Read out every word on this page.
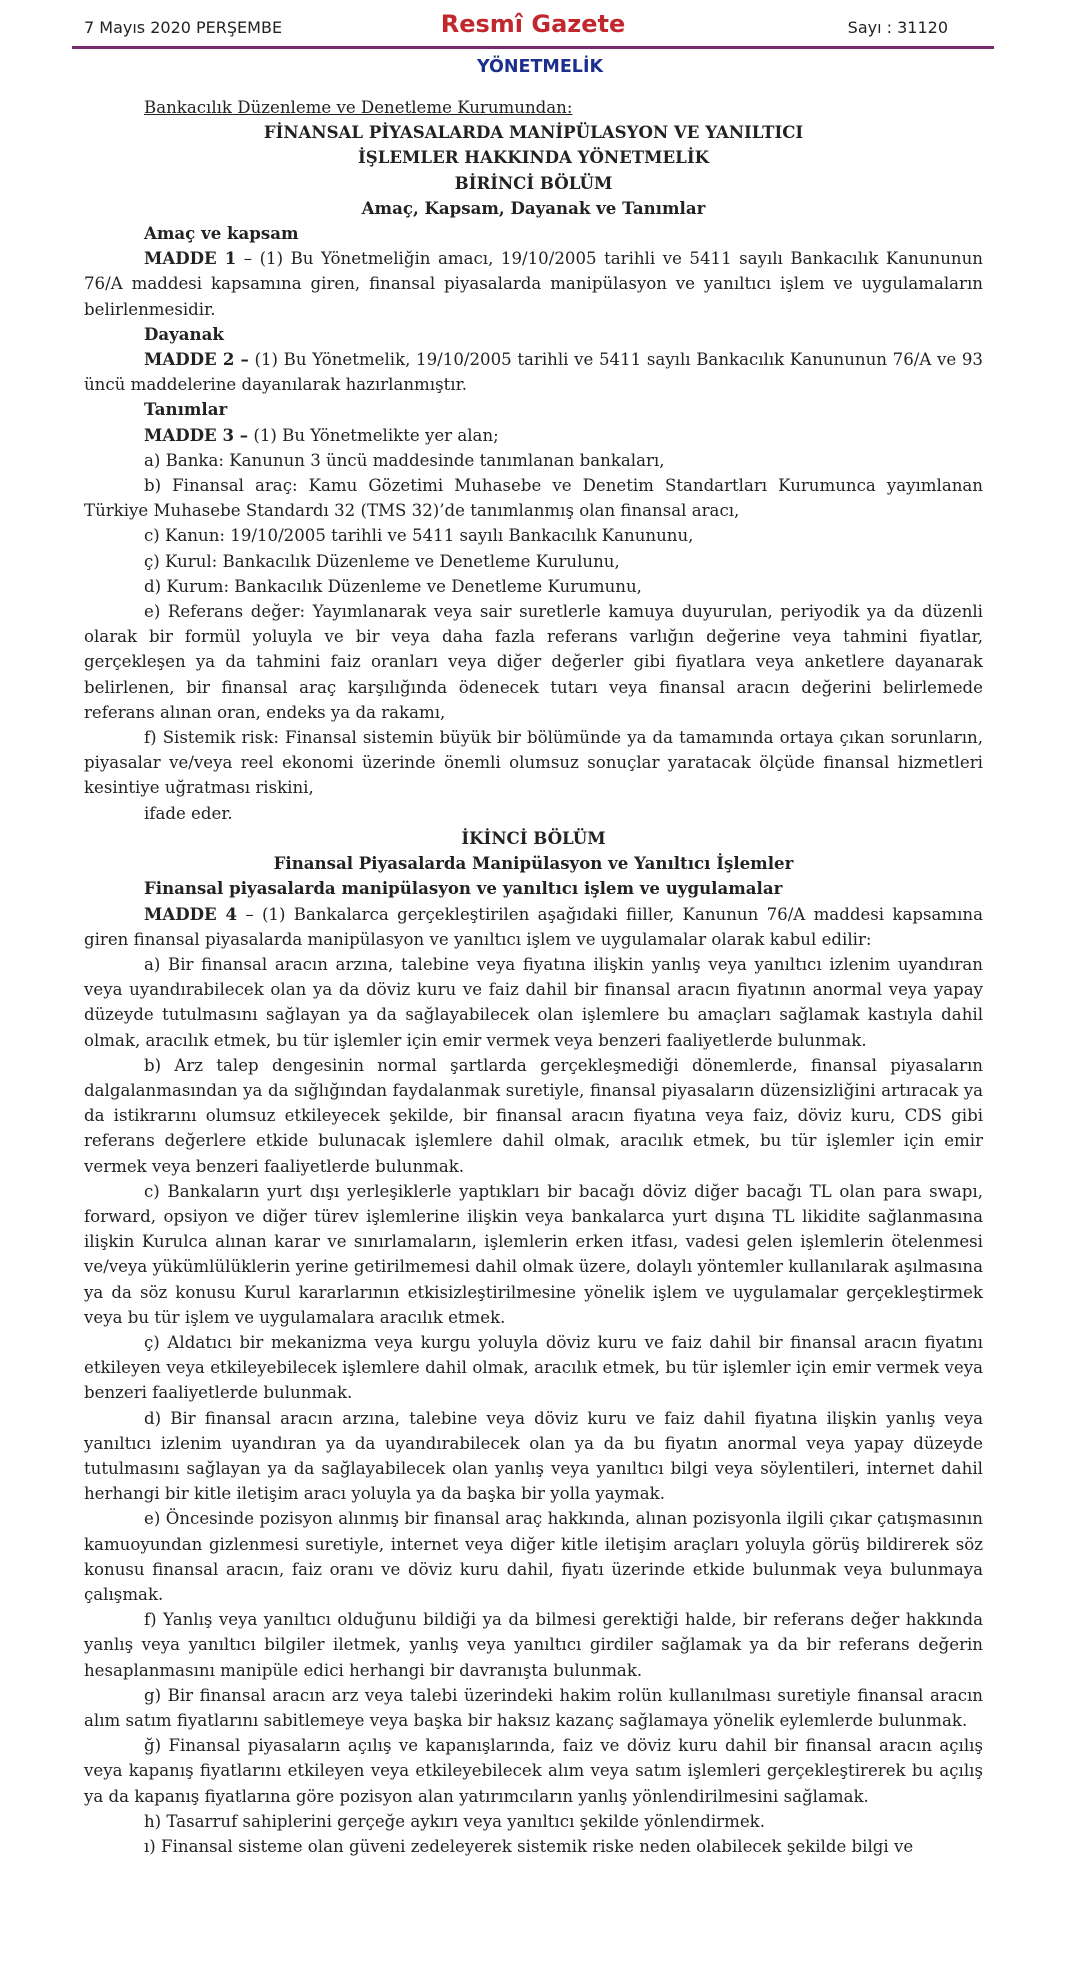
7 Mayıs 2020 PERŞEMBE	Resmî Gazete	Sayı : 31120
YÖNETMELİK

Bankacılık Düzenleme ve Denetleme Kurumundan:

FİNANSAL PİYASALARDA MANİPÜLASYON VE YANILTICI

İŞLEMLER HAKKINDA YÖNETMELİK

BİRİNCİ BÖLÜM

Amaç, Kapsam, Dayanak ve Tanımlar

Amaç ve kapsam

MADDE 1 – (1) Bu Yönetmeliğin amacı, 19/10/2005 tarihli ve 5411 sayılı Bankacılık Kanununun 76/A maddesi kapsamına giren, finansal piyasalarda manipülasyon ve yanıltıcı işlem ve uygulamaların belirlenmesidir.

Dayanak

MADDE 2 – (1) Bu Yönetmelik, 19/10/2005 tarihli ve 5411 sayılı Bankacılık Kanununun 76/A ve 93 üncü maddelerine dayanılarak hazırlanmıştır.

Tanımlar

MADDE 3 – (1) Bu Yönetmelikte yer alan;

a) Banka: Kanunun 3 üncü maddesinde tanımlanan bankaları,

b) Finansal araç: Kamu Gözetimi Muhasebe ve Denetim Standartları Kurumunca yayımlanan Türkiye Muhasebe Standardı 32 (TMS 32)’de tanımlanmış olan finansal aracı,

c) Kanun: 19/10/2005 tarihli ve 5411 sayılı Bankacılık Kanununu,

ç) Kurul: Bankacılık Düzenleme ve Denetleme Kurulunu,

d) Kurum: Bankacılık Düzenleme ve Denetleme Kurumunu,

e) Referans değer: Yayımlanarak veya sair suretlerle kamuya duyurulan, periyodik ya da düzenli olarak bir formül yoluyla ve bir veya daha fazla referans varlığın değerine veya tahmini fiyatlar, gerçekleşen ya da tahmini faiz oranları veya diğer değerler gibi fiyatlara veya anketlere dayanarak belirlenen, bir finansal araç karşılığında ödenecek tutarı veya finansal aracın değerini belirlemede referans alınan oran, endeks ya da rakamı,

f) Sistemik risk: Finansal sistemin büyük bir bölümünde ya da tamamında ortaya çıkan sorunların, piyasalar ve/veya reel ekonomi üzerinde önemli olumsuz sonuçlar yaratacak ölçüde finansal hizmetleri kesintiye uğratması riskini,

ifade eder.

İKİNCİ BÖLÜM

Finansal Piyasalarda Manipülasyon ve Yanıltıcı İşlemler

Finansal piyasalarda manipülasyon ve yanıltıcı işlem ve uygulamalar

MADDE 4 – (1) Bankalarca gerçekleştirilen aşağıdaki fiiller, Kanunun 76/A maddesi kapsamına giren finansal piyasalarda manipülasyon ve yanıltıcı işlem ve uygulamalar olarak kabul edilir:

a) Bir finansal aracın arzına, talebine veya fiyatına ilişkin yanlış veya yanıltıcı izlenim uyandıran veya uyandırabilecek olan ya da döviz kuru ve faiz dahil bir finansal aracın fiyatının anormal veya yapay düzeyde tutulmasını sağlayan ya da sağlayabilecek olan işlemlere bu amaçları sağlamak kastıyla dahil olmak, aracılık etmek, bu tür işlemler için emir vermek veya benzeri faaliyetlerde bulunmak.

b) Arz talep dengesinin normal şartlarda gerçekleşmediği dönemlerde, finansal piyasaların dalgalanmasından ya da sığlığından faydalanmak suretiyle, finansal piyasaların düzensizliğini artıracak ya da istikrarını olumsuz etkileyecek şekilde, bir finansal aracın fiyatına veya faiz, döviz kuru, CDS gibi referans değerlere etkide bulunacak işlemlere dahil olmak, aracılık etmek, bu tür işlemler için emir vermek veya benzeri faaliyetlerde bulunmak.

c) Bankaların yurt dışı yerleşiklerle yaptıkları bir bacağı döviz diğer bacağı TL olan para swapı, forward, opsiyon ve diğer türev işlemlerine ilişkin veya bankalarca yurt dışına TL likidite sağlanmasına ilişkin Kurulca alınan karar ve sınırlamaların, işlemlerin erken itfası, vadesi gelen işlemlerin ötelenmesi ve/veya yükümlülüklerin yerine getirilmemesi dahil olmak üzere, dolaylı yöntemler kullanılarak aşılmasına ya da söz konusu Kurul kararlarının etkisizleştirilmesine yönelik işlem ve uygulamalar gerçekleştirmek veya bu tür işlem ve uygulamalara aracılık etmek.

ç) Aldatıcı bir mekanizma veya kurgu yoluyla döviz kuru ve faiz dahil bir finansal aracın fiyatını etkileyen veya etkileyebilecek işlemlere dahil olmak, aracılık etmek, bu tür işlemler için emir vermek veya benzeri faaliyetlerde bulunmak.

d) Bir finansal aracın arzına, talebine veya döviz kuru ve faiz dahil fiyatına ilişkin yanlış veya yanıltıcı izlenim uyandıran ya da uyandırabilecek olan ya da bu fiyatın anormal veya yapay düzeyde tutulmasını sağlayan ya da sağlayabilecek olan yanlış veya yanıltıcı bilgi veya söylentileri, internet dahil herhangi bir kitle iletişim aracı yoluyla ya da başka bir yolla yaymak.

e) Öncesinde pozisyon alınmış bir finansal araç hakkında, alınan pozisyonla ilgili çıkar çatışmasının kamuoyundan gizlenmesi suretiyle, internet veya diğer kitle iletişim araçları yoluyla görüş bildirerek söz konusu finansal aracın, faiz oranı ve döviz kuru dahil, fiyatı üzerinde etkide bulunmak veya bulunmaya çalışmak.

f) Yanlış veya yanıltıcı olduğunu bildiği ya da bilmesi gerektiği halde, bir referans değer hakkında yanlış veya yanıltıcı bilgiler iletmek, yanlış veya yanıltıcı girdiler sağlamak ya da bir referans değerin hesaplanmasını manipüle edici herhangi bir davranışta bulunmak.

g) Bir finansal aracın arz veya talebi üzerindeki hakim rolün kullanılması suretiyle finansal aracın alım satım fiyatlarını sabitlemeye veya başka bir haksız kazanç sağlamaya yönelik eylemlerde bulunmak.

ğ) Finansal piyasaların açılış ve kapanışlarında, faiz ve döviz kuru dahil bir finansal aracın açılış veya kapanış fiyatlarını etkileyen veya etkileyebilecek alım veya satım işlemleri gerçekleştirerek bu açılış ya da kapanış fiyatlarına göre pozisyon alan yatırımcıların yanlış yönlendirilmesini sağlamak.

h) Tasarruf sahiplerini gerçeğe aykırı veya yanıltıcı şekilde yönlendirmek.

ı) Finansal sisteme olan güveni zedeleyerek sistemik riske neden olabilecek şekilde bilgi ve
